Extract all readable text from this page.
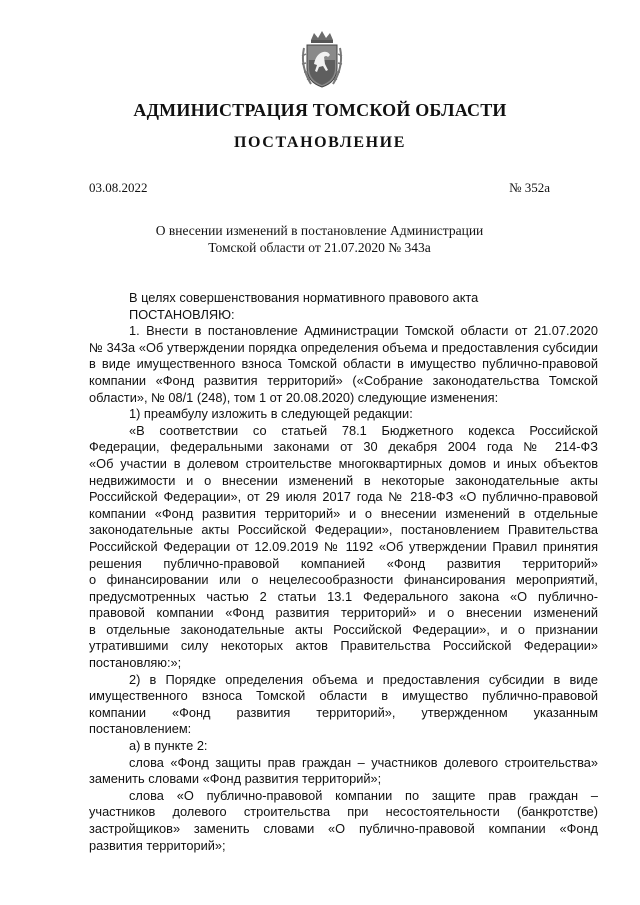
АДМИНИСТРАЦИЯ ТОМСКОЙ ОБЛАСТИ
ПОСТАНОВЛЕНИЕ
03.08.2022	№ 352а
О внесении изменений в постановление Администрации
Томской области от 21.07.2020 № 343а
В целях совершенствования нормативного правового акта
ПОСТАНОВЛЯЮ:
1. Внести в постановление Администрации Томской области от 21.07.2020
№ 343а «Об утверждении порядка определения объема и предоставления субсидии
в виде имущественного взноса Томской области в имущество публично-правовой
компании «Фонд развития территорий» («Собрание законодательства Томской
области», № 08/1 (248), том 1 от 20.08.2020) следующие изменения:
1) преамбулу изложить в следующей редакции:
«В соответствии со статьей 78.1 Бюджетного кодекса Российской
Федерации, федеральными законами от 30 декабря 2004 года № 214-ФЗ
«Об участии в долевом строительстве многоквартирных домов и иных объектов
недвижимости и о внесении изменений в некоторые законодательные акты
Российской Федерации», от 29 июля 2017 года № 218-ФЗ «О публично-правовой
компании «Фонд развития территорий» и о внесении изменений в отдельные
законодательные акты Российской Федерации», постановлением Правительства
Российской Федерации от 12.09.2019 № 1192 «Об утверждении Правил принятия
решения публично-правовой компанией «Фонд развития территорий»
о финансировании или о нецелесообразности финансирования мероприятий,
предусмотренных частью 2 статьи 13.1 Федерального закона «О публично-
правовой компании «Фонд развития территорий» и о внесении изменений
в отдельные законодательные акты Российской Федерации», и о признании
утратившими силу некоторых актов Правительства Российской Федерации»
постановляю:»;
2) в Порядке определения объема и предоставления субсидии в виде
имущественного взноса Томской области в имущество публично-правовой
компании «Фонд развития территорий», утвержденном указанным
постановлением:
а) в пункте 2:
слова «Фонд защиты прав граждан – участников долевого строительства»
заменить словами «Фонд развития территорий»;
слова «О публично-правовой компании по защите прав граждан –
участников долевого строительства при несостоятельности (банкротстве)
застройщиков» заменить словами «О публично-правовой компании «Фонд
развития территорий»;
